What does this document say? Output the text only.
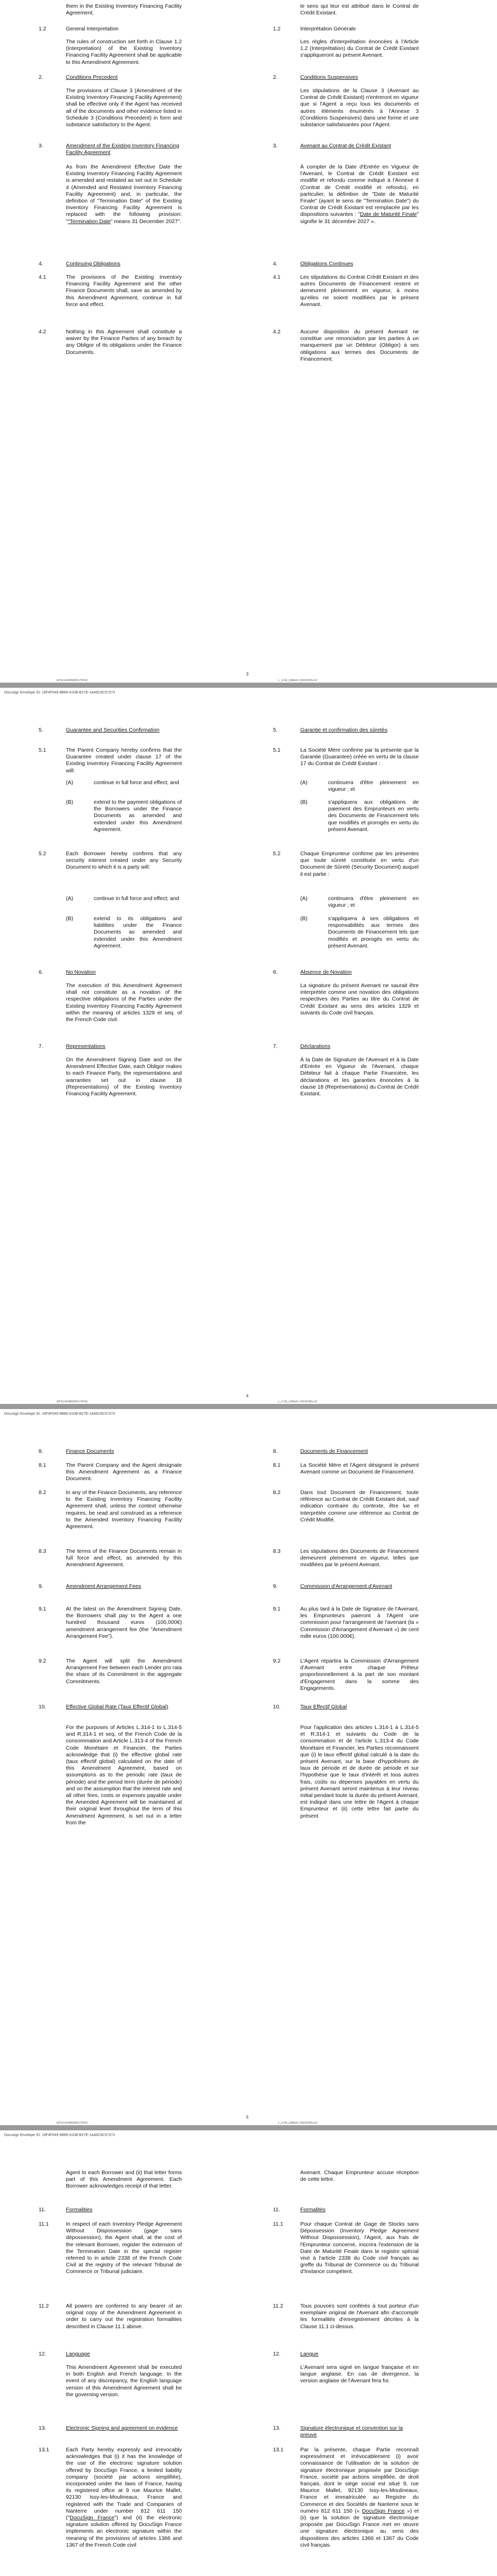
them in the Existing Inventory Financing Facility Agreement.
le sens qui leur est attribué dans le Contrat de Crédit Existant.
1.2	General Interpretation
The rules of construction set forth in Clause 1.2 (Interpretation) of the Existing Inventory Financing Facility Agreement shall be applicable to this Amendment Agreement.
1.2	Interprétation Générale
Les règles d'interprétation énoncées à l'Article 1.2 (Interprétation) du Contrat de Crédit Existant s'appliqueront au présent Avenant.
2.	Conditions Precedent
The provisions of Clause 3 (Amendment of the Existing Inventory Financing Facility Agreement) shall be effective only if the Agent has received all of the documents and other evidence listed in Schedule 3 (Conditions Precedent) in form and substance satisfactory to the Agent.
2.	Conditions Suspensives
Les stipulations de la Clause 3 (Avenant au Contrat de Crédit Existant) n'entreront en vigueur que si l'Agent a reçu tous les documents et autres éléments énumérés à l'Annexe 3 (Conditions Suspensives) dans une forme et une substance satisfaisantes pour l'Agent.
3.	Amendment of the Existing Inventory Financing Facility Agreement
As from the Amendment Effective Date the Existing Inventory Financing Facility Agreement is amended and restated as set out in Schedule 4 (Amended and Restated Inventory Financing Facility Agreement) and, in particular, the definition of "Termination Date" of the Existing Inventory Financing Facility Agreement is replaced with the following provision: ""Termination Date" means 31 December 2027".
3.	Avenant au Contrat de Crédit Existant
À compter de la Date d'Entrée en Vigueur de l'Avenant, le Contrat de Crédit Existant est modifié et refondu comme indiqué à l'Annexe 4 (Contrat de Crédit modifié et refondu), en particulier, la définition de "Date de Maturité Finale" (ayant le sens de "Termination Date") du Contrat de Crédit Existant est remplacée par les dispositions suivantes : "Date de Maturité Finale" signifie le 31 décembre 2027 ».
4.	Continuing Obligations	4.	Obligations Continues
4.1	The provisions of the Existing Inventory Financing Facility Agreement and the other Finance Documents shall, save as amended by this Amendment Agreement, continue in full force and effect.
4.1	Les stipulations du Contrat Crédit Existant et des autres Documents de Financement restent et demeurent pleinement en vigueur, à moins qu'elles ne soient modifiées par le présent Avenant.
4.2	Nothing in this Agreement shall constitute a waiver by the Finance Parties of any breach by any Obligor of its obligations under the Finance Documents.
4.2	Aucune disposition du présent Avenant ne constitue une renonciation par les parties à un manquement par un Débiteur (Obligor) à ses obligations aux termes des Documents de Financement.
3
EPS/142486/83017/PHC	L_LIVE_EMEA1:10632045v1/2
Docusign Envelope ID: 19F4F049-9B89-41DB-B27E-1A46C6C57373
5.	Guarantee and Securities Confirmation	5.	Garantie et confirmation des sûretés
5.1	The Parent Company hereby confirms that the Guarantee created under clause 17 of the Existing Inventory Financing Facility Agreement will:
5.1	La Société Mère confirme par la présente que la Garantie (Guarantee) créée en vertu de la clause 17 du Contrat de Crédit Existant :
(A)	continue in full force and effect; and	(A)	continuera d'être pleinement en vigueur ; et
(B)	extend to the payment obligations of the Borrowers under the Finance Documents as amended and extended under this Amendment Agreement.
(B)	s'appliquera aux obligations de paiement des Emprunteurs en vertu des Documents de Financement tels que modifiés et prorogés en vertu du présent Avenant.
5.2	Each Borrower hereby confirms that any security interest created under any Security Document to which it is a party will:
5.2	Chaque Emprunteur confirme par les présentes que toute sûreté constituée en vertu d'un Document de Sûreté (Security Document) auquel il est partie :
(A)	continue in full force and effect; and	(A)	continuera d'être pleinement en vigueur ; et
(B)	extend to its obligations and liabilities under the Finance Documents as amended and extended under this Amendment Agreement.
(B)	s'appliquera à ses obligations et responsabilités aux termes des Documents de Financement tels que modifiés et prorogés en vertu du présent Avenant.
6.	No Novation
The execution of this Amendment Agreement shall not constitute as a novation of the respective obligations of the Parties under the Existing Inventory Financing Facility Agreement within the meaning of articles 1329 et seq. of the French Code civil.
6.	Absence de Novation
La signature du présent Avenant ne saurait être interprétée comme une novation des obligations respectives des Parties au titre du Contrat de Crédit Existant au sens des articles 1329 et suivants du Code civil français.
7.	Representations
On the Amendment Signing Date and on the Amendment Effective Date, each Obligor makes to each Finance Party, the representations and warranties set out in clause 18 (Representations) of the Existing Inventory Financing Facility Agreement.
7.	Déclarations
À la Date de Signature de l'Avenant et à la Date d'Entrée en Vigueur de l'Avenant, chaque Débiteur fait à chaque Partie Financière, les déclarations et les garanties énoncées à la clause 18 (Représentations) du Contrat de Crédit Existant.
4
EPS/142486/83017/PHC	L_LIVE_EMEA1:10632045v1/2
Docusign Envelope ID: 19F4F049-9B89-41DB-B27E-1A46C6C57373
8.	Finance Documents	8.	Documents de Financement
8.1	The Parent Company and the Agent designate this Amendment Agreement as a Finance Document.
8.1	La Société Mère et l'Agent désignent le présent Avenant comme un Document de Financement.
8.2	In any of the Finance Documents, any reference to the Existing Inventory Financing Facility Agreement shall, unless the context otherwise requires, be read and construed as a reference to the Amended Inventory Financing Facility Agreement.
8.2	Dans tout Document de Financement, toute référence au Contrat de Crédit Existant doit, sauf indication contraire du contexte, être lue et interprétée comme une référence au Contrat de Crédit Modifié.
8.3	The terms of the Finance Documents remain in full force and effect, as amended by this Amendment Agreement.
8.3	Les stipulations des Documents de Financement demeurent pleinement en vigueur, telles que modifiées par le présent Avenant.
9.	Amendment Arrangement Fees	9.	Commission d'Arrangement d'Avenant
9.1	At the latest on the Amendment Signing Date, the Borrowers shall pay to the Agent a one hundred thousand euros (100,000€) amendment arrangement fee (the "Amendment Arrangement Fee").
9.1	Au plus tard à la Date de Signature de l'Avenant, les Emprunteurs paieront à l'Agent une commission pour l'arrangement de l'avenant (la « Commission d'Arrangement d'Avenant ») de cent mille euros (100.000€).
9.2	The Agent will split the Amendment Arrangement Fee between each Lender pro rata the share of its Commitment in the aggregate Commitments.
9.2	L'Agent répartira la Commission d'Arrangement d'Avenant entre chaque Prêteur proportionnellement à la part de son montant d'Engagement dans la somme des Engagements.
10.	Effective Global Rate (Taux Effectif Global)	10.	Taux Effectif Global
For the purposes of Articles L.314-1 to L.314-5 and R.314-1 et seq. of the French Code de la consommation and Article L.313-4 of the French Code Monétaire et Financier, the Parties acknowledge that (i) the effective global rate (taux effectif global) calculated on the date of this Amendment Agreement, based on assumptions as to the periodic rate (taux de période) and the period term (durée de période) and on the assumption that the interest rate and all other fees, costs or expenses payable under the Amended Agreement will be maintained at their original level throughout the term of this Amendment Agreement, is set out in a letter from the
Pour l'application des articles L.314-1 à L.314-5 et R.314-1 et suivants du Code de la consommation et de l'article L.313-4 du Code Monétaire et Financier, les Parties reconnaissent que (i) le taux effectif global calculé à la date du présent Avenant, sur la base d'hypothèses de taux de période et de durée de période et sur l'hypothèse que le taux d'intérêt et tous autres frais, coûts ou dépenses payables en vertu du présent Avenant seront maintenus à leur niveau initial pendant toute la durée du présent Avenant, est indiqué dans une lettre de l'Agent à chaque Emprunteur et (ii) cette lettre fait partie du présent
5
EPS/142486/83017/PHC	L_LIVE_EMEA1:10632045v1/2
Docusign Envelope ID: 19F4F049-9B89-41DB-B27E-1A46C6C57373
Agent to each Borrower and (ii) that letter forms part of this Amendment Agreement. Each Borrower acknowledges receipt of that letter.
Avenant. Chaque Emprunteur accuse réception de cette lettre.
11.	Formalities	11.	Formalités
11.1	In respect of each Inventory Pledge Agreement Without Dispossession (gage sans dépossession), the Agent shall, at the cost of the relevant Borrower, register the extension of the Termination Date in the special register referred to in article 2338 of the French Code Civil at the registry of the relevant Tribunal de Commerce or Tribunal judiciaire.
11.1	Pour chaque Contrat de Gage de Stocks sans Dépossession (Inventory Pledge Agreement Without Dispossession), l'Agent, aux frais de l'Emprunteur concerné, inscrira l'extension de la Date de Maturité Finale dans le registre spécial visé à l'article 2338 du Code civil français au greffe du Tribunal de Commerce ou du Tribunal d'Instance compétent.
11.2	All powers are conferred to any bearer of an original copy of the Amendment Agreement in order to carry out the registration formalities described in Clause 11.1 above.
11.2	Tous pouvoirs sont conférés à tout porteur d'un exemplaire original de l'Avenant afin d'accomplir les formalités d'enregistrement décrites à la Clause 11.1 ci-dessus.
12.	Language
This Amendment Agreement shall be executed in both English and French language. In the event of any discrepancy, the English language version of this Amendment Agreement shall be the governing version.
12.	Langue
L'Avenant sera signé en langue française et en langue anglaise. En cas de divergence, la version anglaise de l'Avenant fera foi.
13.	Electronic Signing and agreement on evidence	13.	Signature électronique et convention sur la preuve
13.1	Each Party hereby expressly and irrevocably acknowledges that (i) it has the knowledge of the use of the electronic signature solution offered by DocuSign France, a limited liability company (société par actions simplifiée), incorporated under the laws of France, having its registered office at 9 rue Maurice Mallet, 92130 Issy-les-Moulineaux, France and registered with the Trade and Companies of Nanterre under number 812 611 150 ("DocuSign France") and (ii) the electronic signature solution offered by DocuSign France implements an electronic signature within the meaning of the provisions of articles 1366 and 1367 of the French Code civil
13.1	Par la présente, chaque Partie reconnaît expressément et irrévocablement (i) avoir connaissance de l'utilisation de la solution de signature électronique proposée par DocuSign France, société par actions simplifiée, de droit français, dont le siège social est situé 9, rue Maurice Mallet, 92130 Issy-les-Moulineaux, France et immatriculée au Registre du Commerce et des Sociétés de Nanterre sous le numéro 812 611 150 (« DocuSign France ») et (ii) que la solution de signature électronique proposée par DocuSign France met en œuvre une signature électronique au sens des dispositions des articles 1366 et 1367 du Code civil français.
